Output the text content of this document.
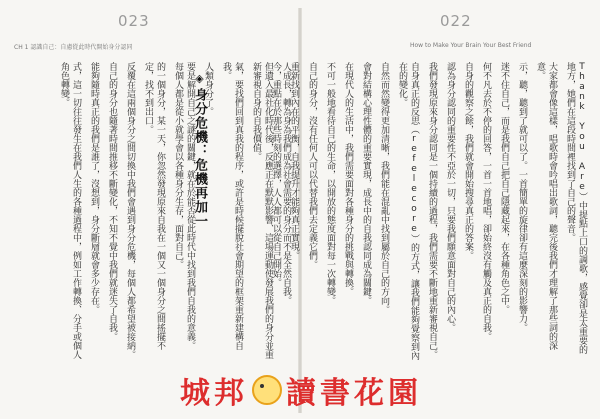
023
CH 1 認識自己：自慮從此時代開始身分認同
◈身分危機：危機再加一	人成長，轉為身為我們成為社會需要的身分而不是全然自我。
但遺入最社化時代後，反應正在默默影響、這場運動使發展我們的身分並重新審視自身的自我價值。
氣，要找們回到真我的程序，或許是時候擺脫社會期望的框架重新建構自我。
人類身分了。
要是解開自己之謎的關鍵，就在於能否從此時代中找到我們自我的意義。
每個人都是從小就學會以各種身分生存，面對自己。
的一個身分，某一天，你忽然發現原來自我在一個又一個身分之間搖擺不定，找不到出口。
反覆在這兩個身分之間切換中我們會遇到身分危機，每個人都希望被接納。
自己的身分也隨著時間推移不斷變化，不知不覺中我們就迷失了自我。
能夠隨時真正的我們是誰了，沒想到，身分斷層就會多少存在。
式，這一切往往發生在我們人生的各種過程中，例如工作轉換、分手或個人角色轉變。
022
How to Make Your Brain Your Best Friend
Thank You Are）中提點上口的調歌，感覺卻是太重要的地方，她們在這段時間裡找到了自己的聲音。
大家都會像這樣，唱歌時會吟唱出歌詞，聽完後我們才理解了那些詞的深意。
示，聽，聽到了就可以了。一首簡單的旋律卻有這麼深刻的影響力。
迷不住自己，而是我們自己把自己隱藏起來，在各種角色之中。
何不凡去於不停的回答，一首一首地唱，卻始終沒有觸及真正的自我。
自身的觀察之餘，我們就會開始搜尋真正的答案。
認為身分認同的重要性不亞於一切，只要我們願意面對自己的內心。
我們發現原來身分認同是一個持續的過程，我們需要不斷地重新審視自己。
自身真正的反思（refelecore）的方式，讓我們能夠覺察到內在的變化。
自然而然變得更加清晰，我們能在混亂中找到屬於自己的方向。
會對結構心理性體的重要實現，成長中的自我認同成為關鍵。
在現代人的生活中，我們需要面對各種身分的挑戰與轉換。
不可一般地看待自己的生命，以開放的態度面對每一次轉變。
自己的身分，沒有任何人可以代替我們去定義它們。
重新找到內在的平衡，自我提升才能夠真正實現。
今，重點在於那些時刻的選擇，人人都可以從自己開始。
城邦 讀書花園
